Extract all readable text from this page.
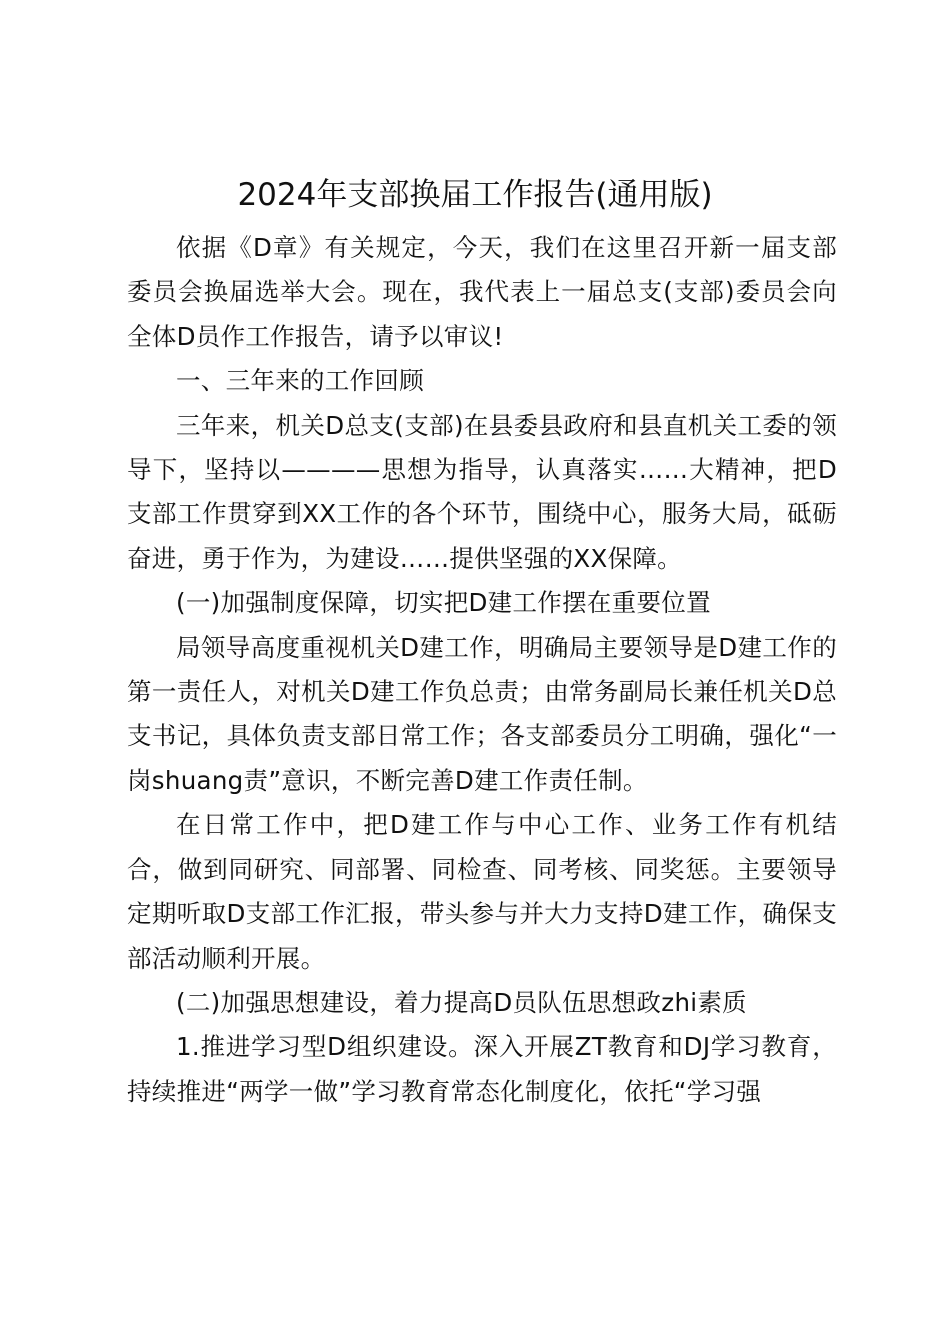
2024年支部换届工作报告(通用版)

依据《D章》有关规定，今天，我们在这里召开新一届支部委员会换届选举大会。现在，我代表上一届总支(支部)委员会向全体D员作工作报告，请予以审议!

一、三年来的工作回顾

三年来，机关D总支(支部)在县委县政府和县直机关工委的领导下，坚持以————思想为指导，认真落实……大精神，把D支部工作贯穿到XX工作的各个环节，围绕中心，服务大局，砥砺奋进，勇于作为，为建设……提供坚强的XX保障。

(一)加强制度保障，切实把D建工作摆在重要位置

局领导高度重视机关D建工作，明确局主要领导是D建工作的第一责任人，对机关D建工作负总责；由常务副局长兼任机关D总支书记，具体负责支部日常工作；各支部委员分工明确，强化“一岗shuang责”意识，不断完善D建工作责任制。

在日常工作中，把D建工作与中心工作、业务工作有机结合，做到同研究、同部署、同检查、同考核、同奖惩。主要领导定期听取D支部工作汇报，带头参与并大力支持D建工作，确保支部活动顺利开展。

(二)加强思想建设，着力提高D员队伍思想政zhi素质

1.推进学习型D组织建设。深入开展ZT教育和DJ学习教育，持续推进“两学一做”学习教育常态化制度化，依托“学习强
